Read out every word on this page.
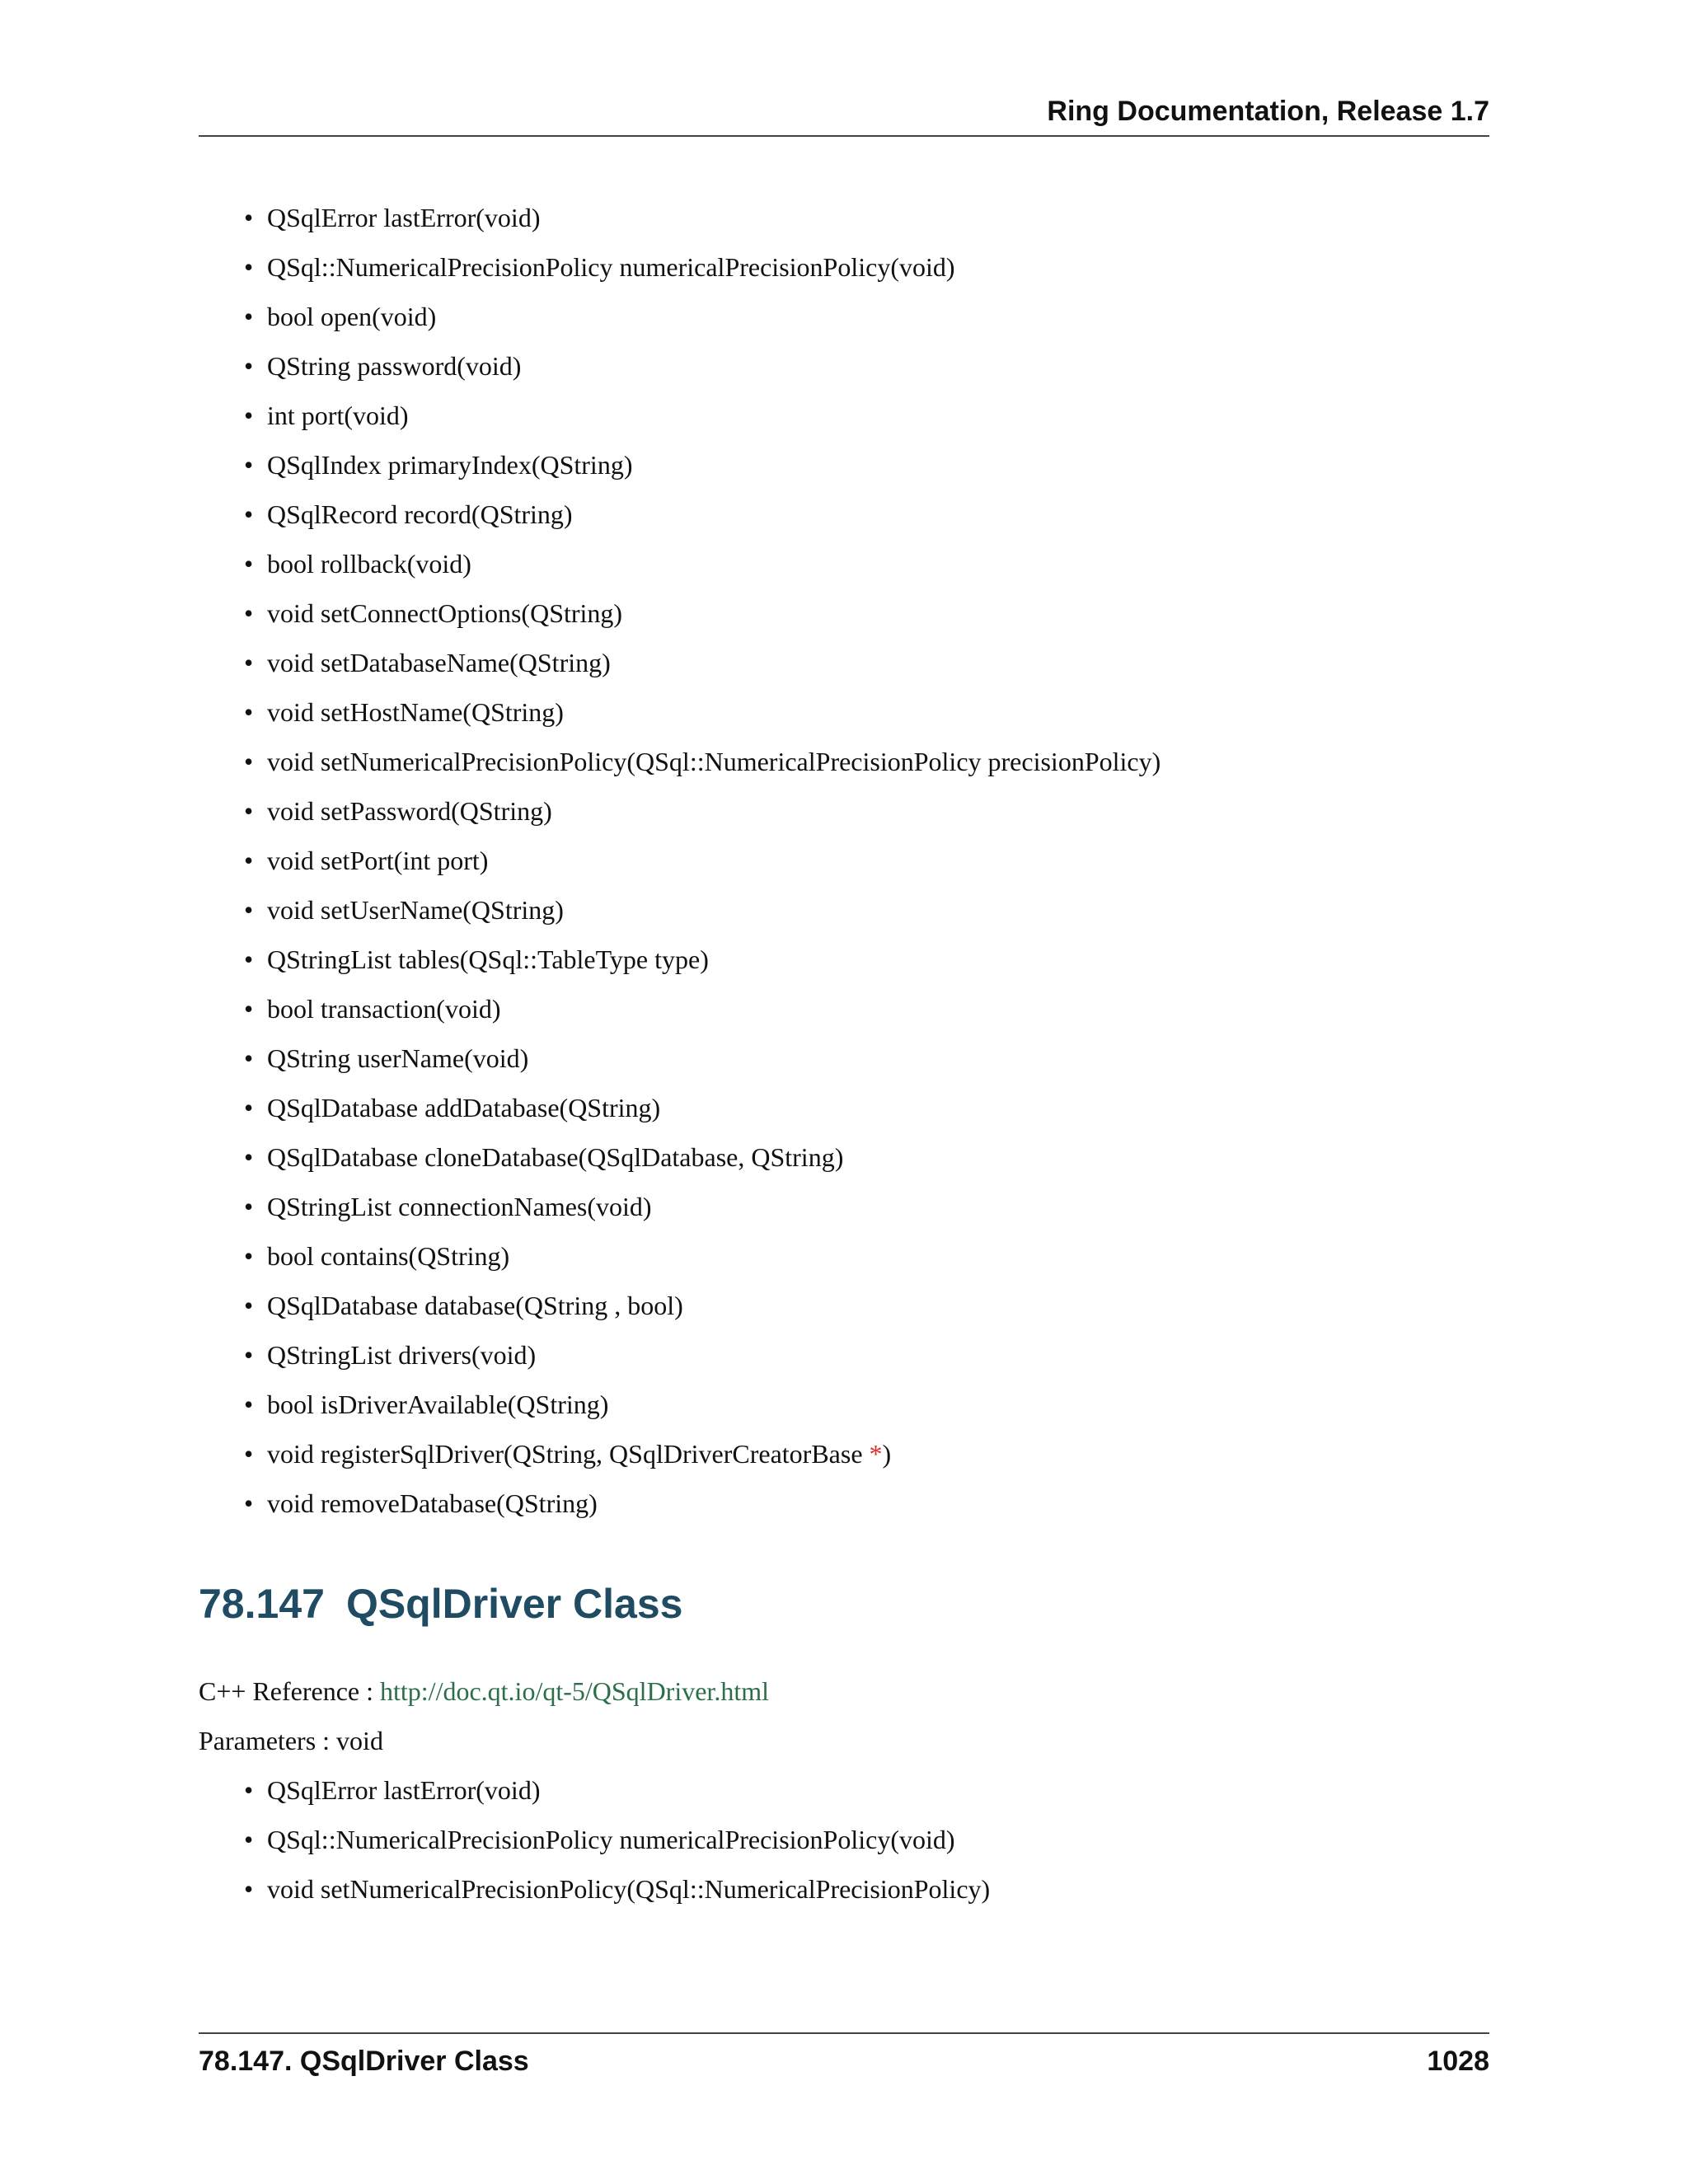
Ring Documentation, Release 1.7
• QSqlError lastError(void)
• QSql::NumericalPrecisionPolicy numericalPrecisionPolicy(void)
• bool open(void)
• QString password(void)
• int port(void)
• QSqlIndex primaryIndex(QString)
• QSqlRecord record(QString)
• bool rollback(void)
• void setConnectOptions(QString)
• void setDatabaseName(QString)
• void setHostName(QString)
• void setNumericalPrecisionPolicy(QSql::NumericalPrecisionPolicy precisionPolicy)
• void setPassword(QString)
• void setPort(int port)
• void setUserName(QString)
• QStringList tables(QSql::TableType type)
• bool transaction(void)
• QString userName(void)
• QSqlDatabase addDatabase(QString)
• QSqlDatabase cloneDatabase(QSqlDatabase, QString)
• QStringList connectionNames(void)
• bool contains(QString)
• QSqlDatabase database(QString , bool)
• QStringList drivers(void)
• bool isDriverAvailable(QString)
• void registerSqlDriver(QString, QSqlDriverCreatorBase *)
• void removeDatabase(QString)
78.147 QSqlDriver Class

C++ Reference : http://doc.qt.io/qt-5/QSqlDriver.html

Parameters : void

• QSqlError lastError(void)
• QSql::NumericalPrecisionPolicy numericalPrecisionPolicy(void)
• void setNumericalPrecisionPolicy(QSql::NumericalPrecisionPolicy)
78.147. QSqlDriver Class	1028
